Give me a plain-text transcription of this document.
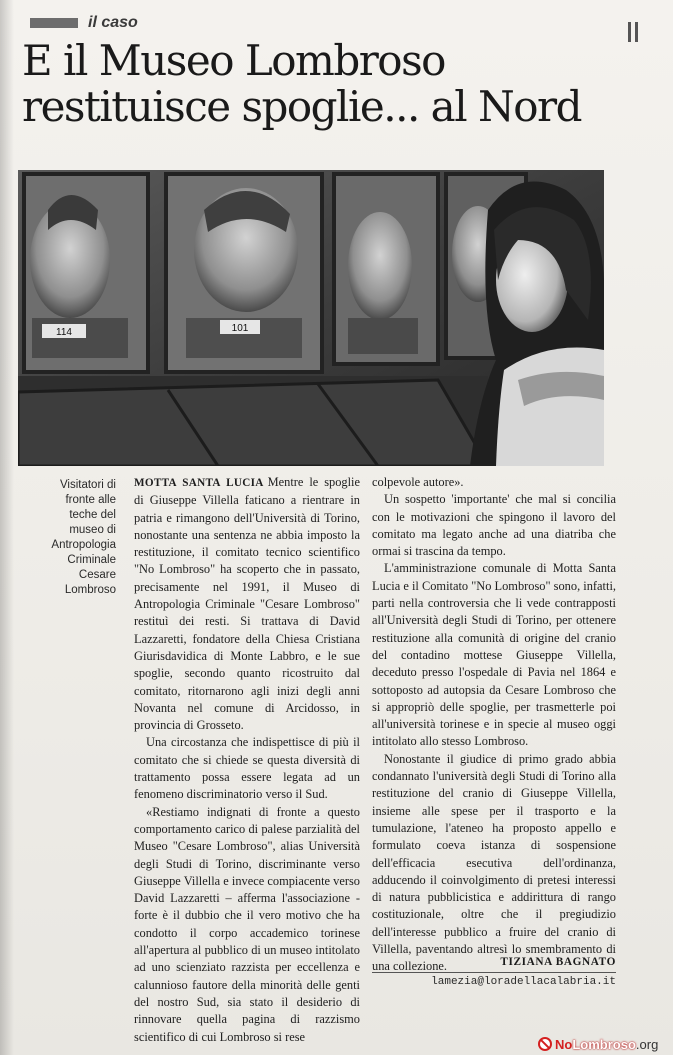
il caso
E il Museo Lombroso
restituisce spoglie... al Nord
114	101
Visitatori di
fronte alle
teche del
museo di
Antropologia
Criminale
Cesare
Lombroso

MOTTA SANTA LUCIA Mentre le spoglie di Giuseppe Villella faticano a rientrare in patria e rimangono dell'Università di Torino, nonostante una sentenza ne abbia imposto la restituzione, il comitato tecnico scientifico "No Lombroso" ha scoperto che in passato, precisamente nel 1991, il Museo di Antropologia Criminale "Cesare Lombroso" restituì dei resti. Si trattava di David Lazzaretti, fondatore della Chiesa Cristiana Giurisdavidica di Monte Labbro, e le sue spoglie, secondo quanto ricostruito dal comitato, ritornarono agli inizi degli anni Novanta nel comune di Arcidosso, in provincia di Grosseto.

Una circostanza che indispettisce di più il comitato che si chiede se questa diversità di trattamento possa essere legata ad un fenomeno discriminatorio verso il Sud.

«Restiamo indignati di fronte a questo comportamento carico di palese parzialità del Museo "Cesare Lombroso", alias Università degli Studi di Torino, discriminante verso Giuseppe Villella e invece compiacente verso David Lazzaretti – afferma l'associazione - forte è il dubbio che il vero motivo che ha condotto il corpo accademico torinese all'apertura al pubblico di un museo intitolato ad uno scienziato razzista per eccellenza e calunnioso fautore della minorità delle genti del nostro Sud, sia stato il desiderio di rinnovare quella pagina di razzismo scientifico di cui Lombroso si rese

colpevole autore».

Un sospetto 'importante' che mal si concilia con le motivazioni che spingono il lavoro del comitato ma legato anche ad una diatriba che ormai si trascina da tempo.

L'amministrazione comunale di Motta Santa Lucia e il Comitato "No Lombroso" sono, infatti, parti nella controversia che li vede contrapposti all'Università degli Studi di Torino, per ottenere restituzione alla comunità di origine del cranio del contadino mottese Giuseppe Villella, deceduto presso l'ospedale di Pavia nel 1864 e sottoposto ad autopsia da Cesare Lombroso che si appropriò delle spoglie, per trasmetterle poi all'università torinese e in specie al museo oggi intitolato allo stesso Lombroso.

Nonostante il giudice di primo grado abbia condannato l'università degli Studi di Torino alla restituzione del cranio di Giuseppe Villella, insieme alle spese per il trasporto e la tumulazione, l'ateneo ha proposto appello e formulato coeva istanza di sospensione dell'efficacia esecutiva dell'ordinanza, adducendo il coinvolgimento di pretesi interessi di natura pubblicistica e addirittura di rango costituzionale, oltre che il pregiudizio dell'interesse pubblico a fruire del cranio di Villella, paventando altresì lo smembramento di una collezione.	TIZIANA BAGNATO
lamezia@loradellacalabria.it
No Lombroso .org
